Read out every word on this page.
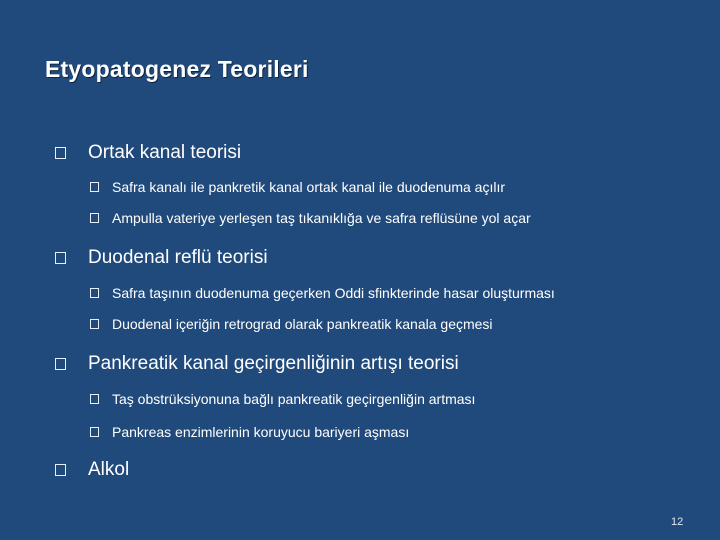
Etyopatogenez Teorileri
Ortak kanal teorisi
Safra kanalı ile pankretik kanal ortak kanal ile duodenuma açılır
Ampulla vateriye yerleşen taş tıkanıklığa ve safra reflüsüne yol açar
Duodenal reflü teorisi
Safra taşının duodenuma geçerken Oddi sfinkterinde hasar oluşturması
Duodenal içeriğin retrograd olarak pankreatik kanala geçmesi
Pankreatik kanal geçirgenliğinin artışı teorisi
Taş obstrüksiyonuna bağlı pankreatik geçirgenliğin artması
Pankreas enzimlerinin koruyucu bariyeri aşması
Alkol
12
